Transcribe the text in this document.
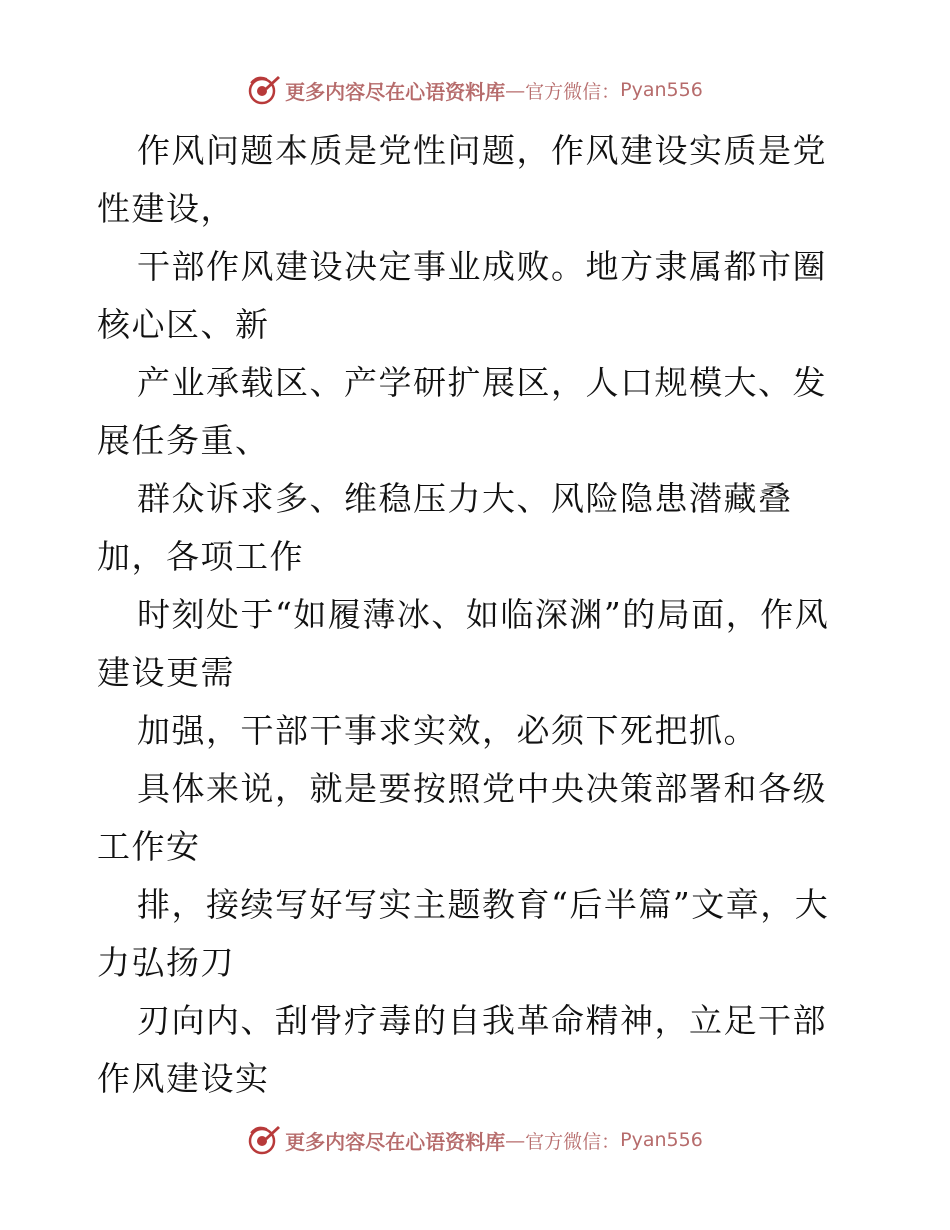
更多内容尽在心语资料库 — 官方微信： Pyan556

作风问题本质是党性问题，作风建设实质是党性建设，

干部作风建设决定事业成败。地方隶属都市圈核心区、新

产业承载区、产学研扩展区，人口规模大、发展任务重、

群众诉求多、维稳压力大、风险隐患潜藏叠加，各项工作

时刻处于“如履薄冰、如临深渊”的局面，作风建设更需

加强，干部干事求实效，必须下死把抓。

具体来说，就是要按照党中央决策部署和各级工作安

排，接续写好写实主题教育“后半篇”文章，大力弘扬刀

刃向内、刮骨疗毒的自我革命精神，立足干部作风建设实

更多内容尽在心语资料库 — 官方微信： Pyan556
